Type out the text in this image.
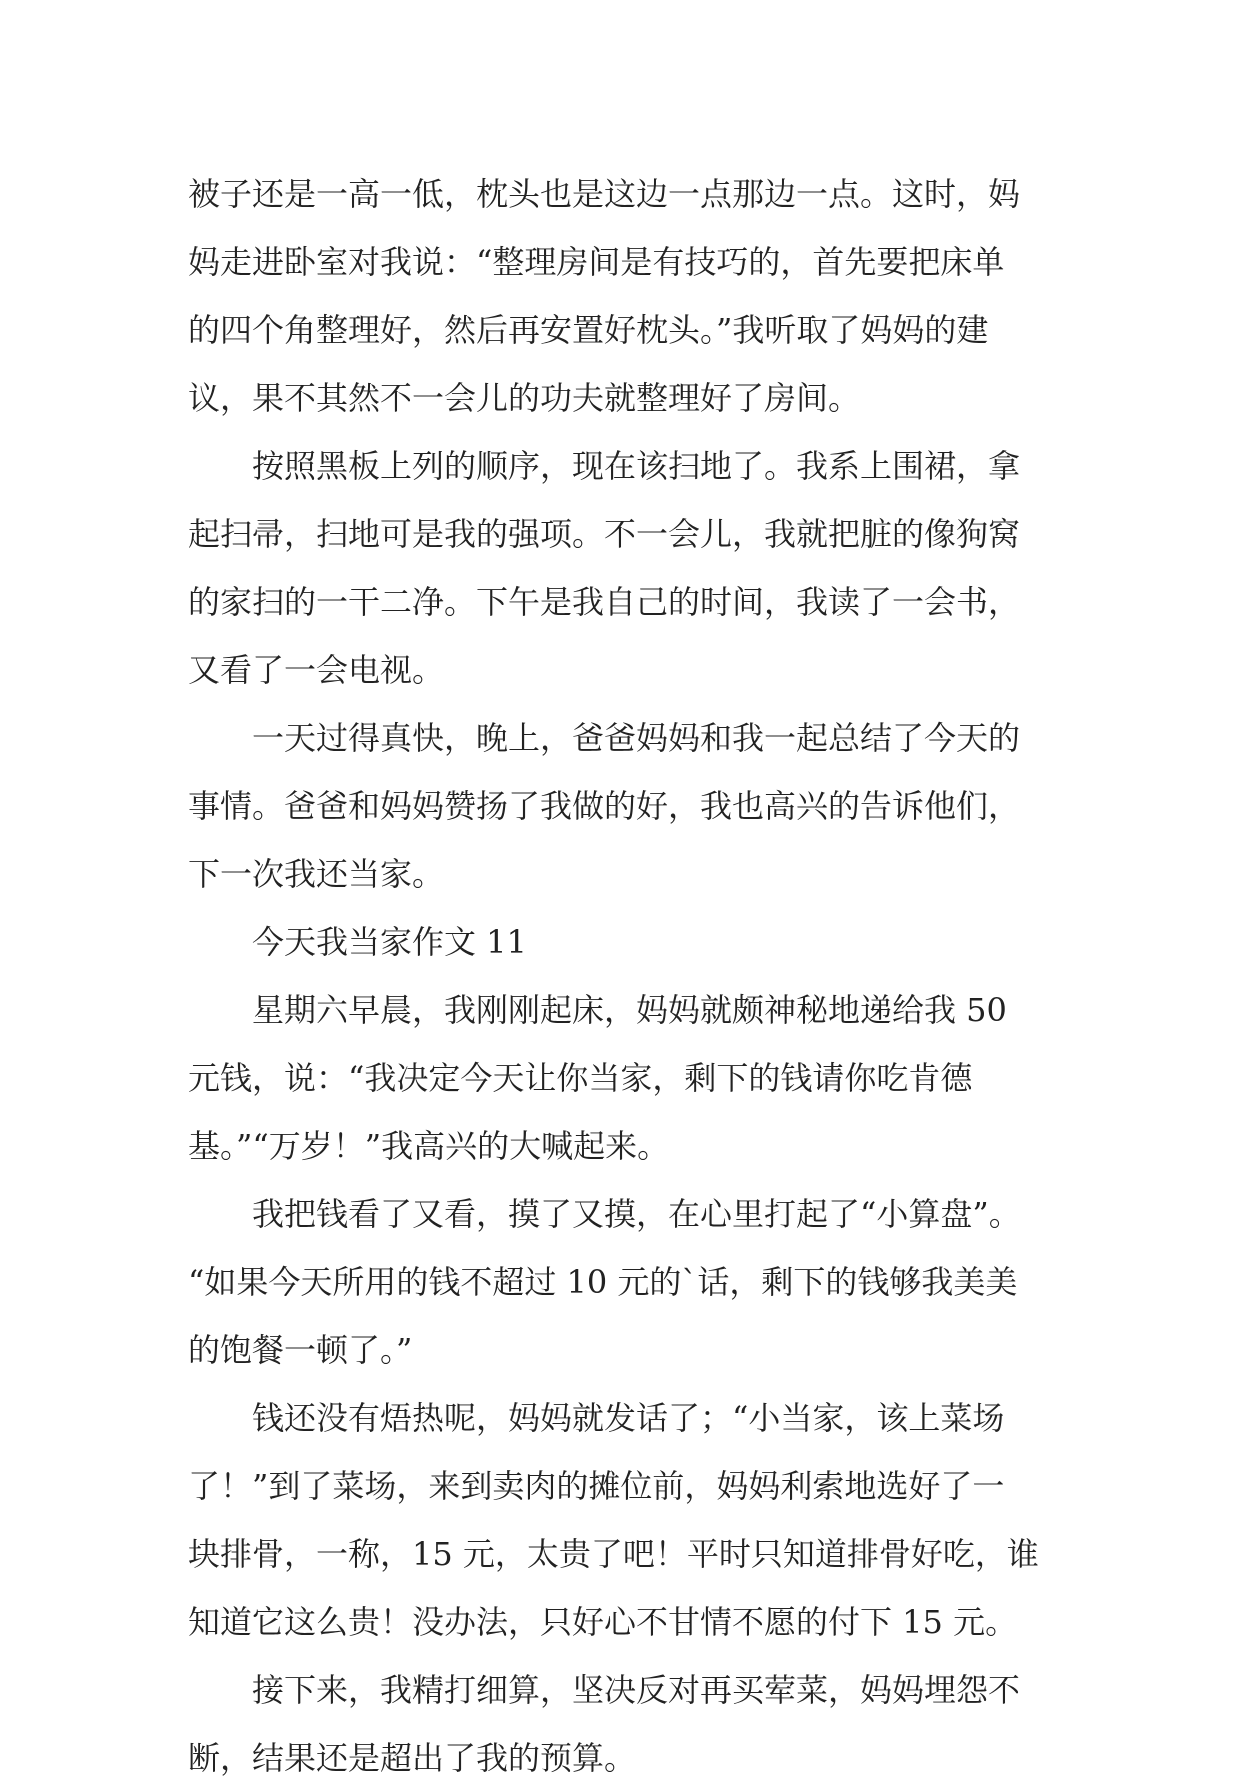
被子还是一高一低，枕头也是这边一点那边一点。这时，妈
妈走进卧室对我说：“整理房间是有技巧的，首先要把床单
的四个角整理好，然后再安置好枕头。”我听取了妈妈的建
议，果不其然不一会儿的功夫就整理好了房间。
按照黑板上列的顺序，现在该扫地了。我系上围裙，拿
起扫帚，扫地可是我的强项。不一会儿，我就把脏的像狗窝
的家扫的一干二净。下午是我自己的时间，我读了一会书，
又看了一会电视。
一天过得真快，晚上，爸爸妈妈和我一起总结了今天的
事情。爸爸和妈妈赞扬了我做的好，我也高兴的告诉他们，
下一次我还当家。
今天我当家作文 11
星期六早晨，我刚刚起床，妈妈就颇神秘地递给我 50
元钱，说：“我决定今天让你当家，剩下的钱请你吃肯德
基。”“万岁！”我高兴的大喊起来。
我把钱看了又看，摸了又摸，在心里打起了“小算盘”。
“如果今天所用的钱不超过 10 元的`话，剩下的钱够我美美
的饱餐一顿了。”
钱还没有焐热呢，妈妈就发话了；“小当家，该上菜场
了！”到了菜场，来到卖肉的摊位前，妈妈利索地选好了一
块排骨，一称，15 元，太贵了吧！平时只知道排骨好吃，谁
知道它这么贵！没办法，只好心不甘情不愿的付下 15 元。
接下来，我精打细算，坚决反对再买荤菜，妈妈埋怨不
断，结果还是超出了我的预算。
